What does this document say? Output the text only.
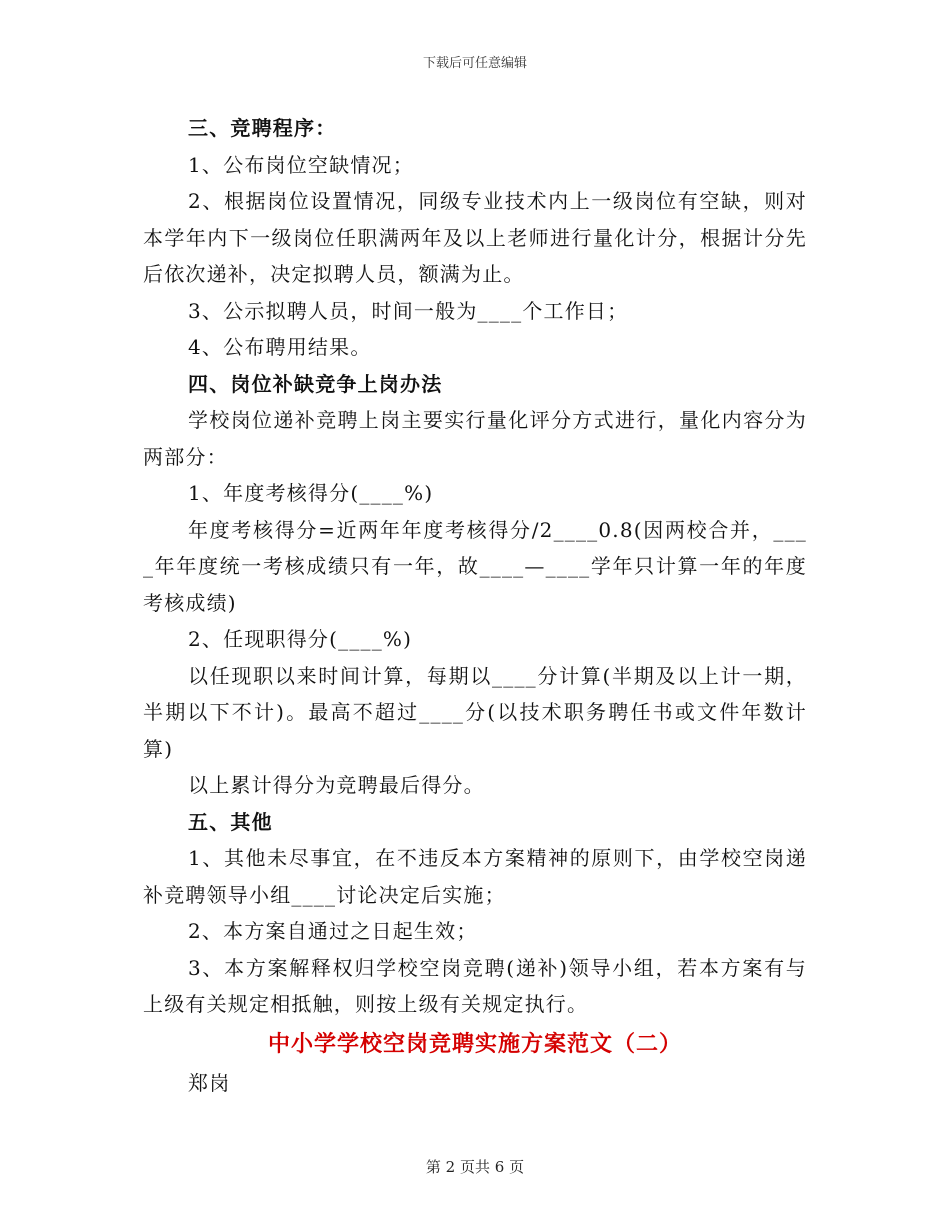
下载后可任意编辑

三、竞聘程序：

1、公布岗位空缺情况；

2、根据岗位设置情况，同级专业技术内上一级岗位有空缺，则对本学年内下一级岗位任职满两年及以上老师进行量化计分，根据计分先后依次递补，决定拟聘人员，额满为止。

3、公示拟聘人员，时间一般为____个工作日；

4、公布聘用结果。

四、岗位补缺竞争上岗办法

学校岗位递补竞聘上岗主要实行量化评分方式进行，量化内容分为两部分：

1、年度考核得分(____%)

年度考核得分=近两年年度考核得分/2____0.8(因两校合并，____年年度统一考核成绩只有一年，故____—____学年只计算一年的年度考核成绩)

2、任现职得分(____%)

以任现职以来时间计算，每期以____分计算(半期及以上计一期，半期以下不计)。最高不超过____分(以技术职务聘任书或文件年数计算)

以上累计得分为竞聘最后得分。

五、其他

1、其他未尽事宜，在不违反本方案精神的原则下，由学校空岗递补竞聘领导小组____讨论决定后实施；

2、本方案自通过之日起生效；

3、本方案解释权归学校空岗竞聘(递补)领导小组，若本方案有与上级有关规定相抵触，则按上级有关规定执行。

中小学学校空岗竞聘实施方案范文（二）

郑岗

第 2 页共 6 页
